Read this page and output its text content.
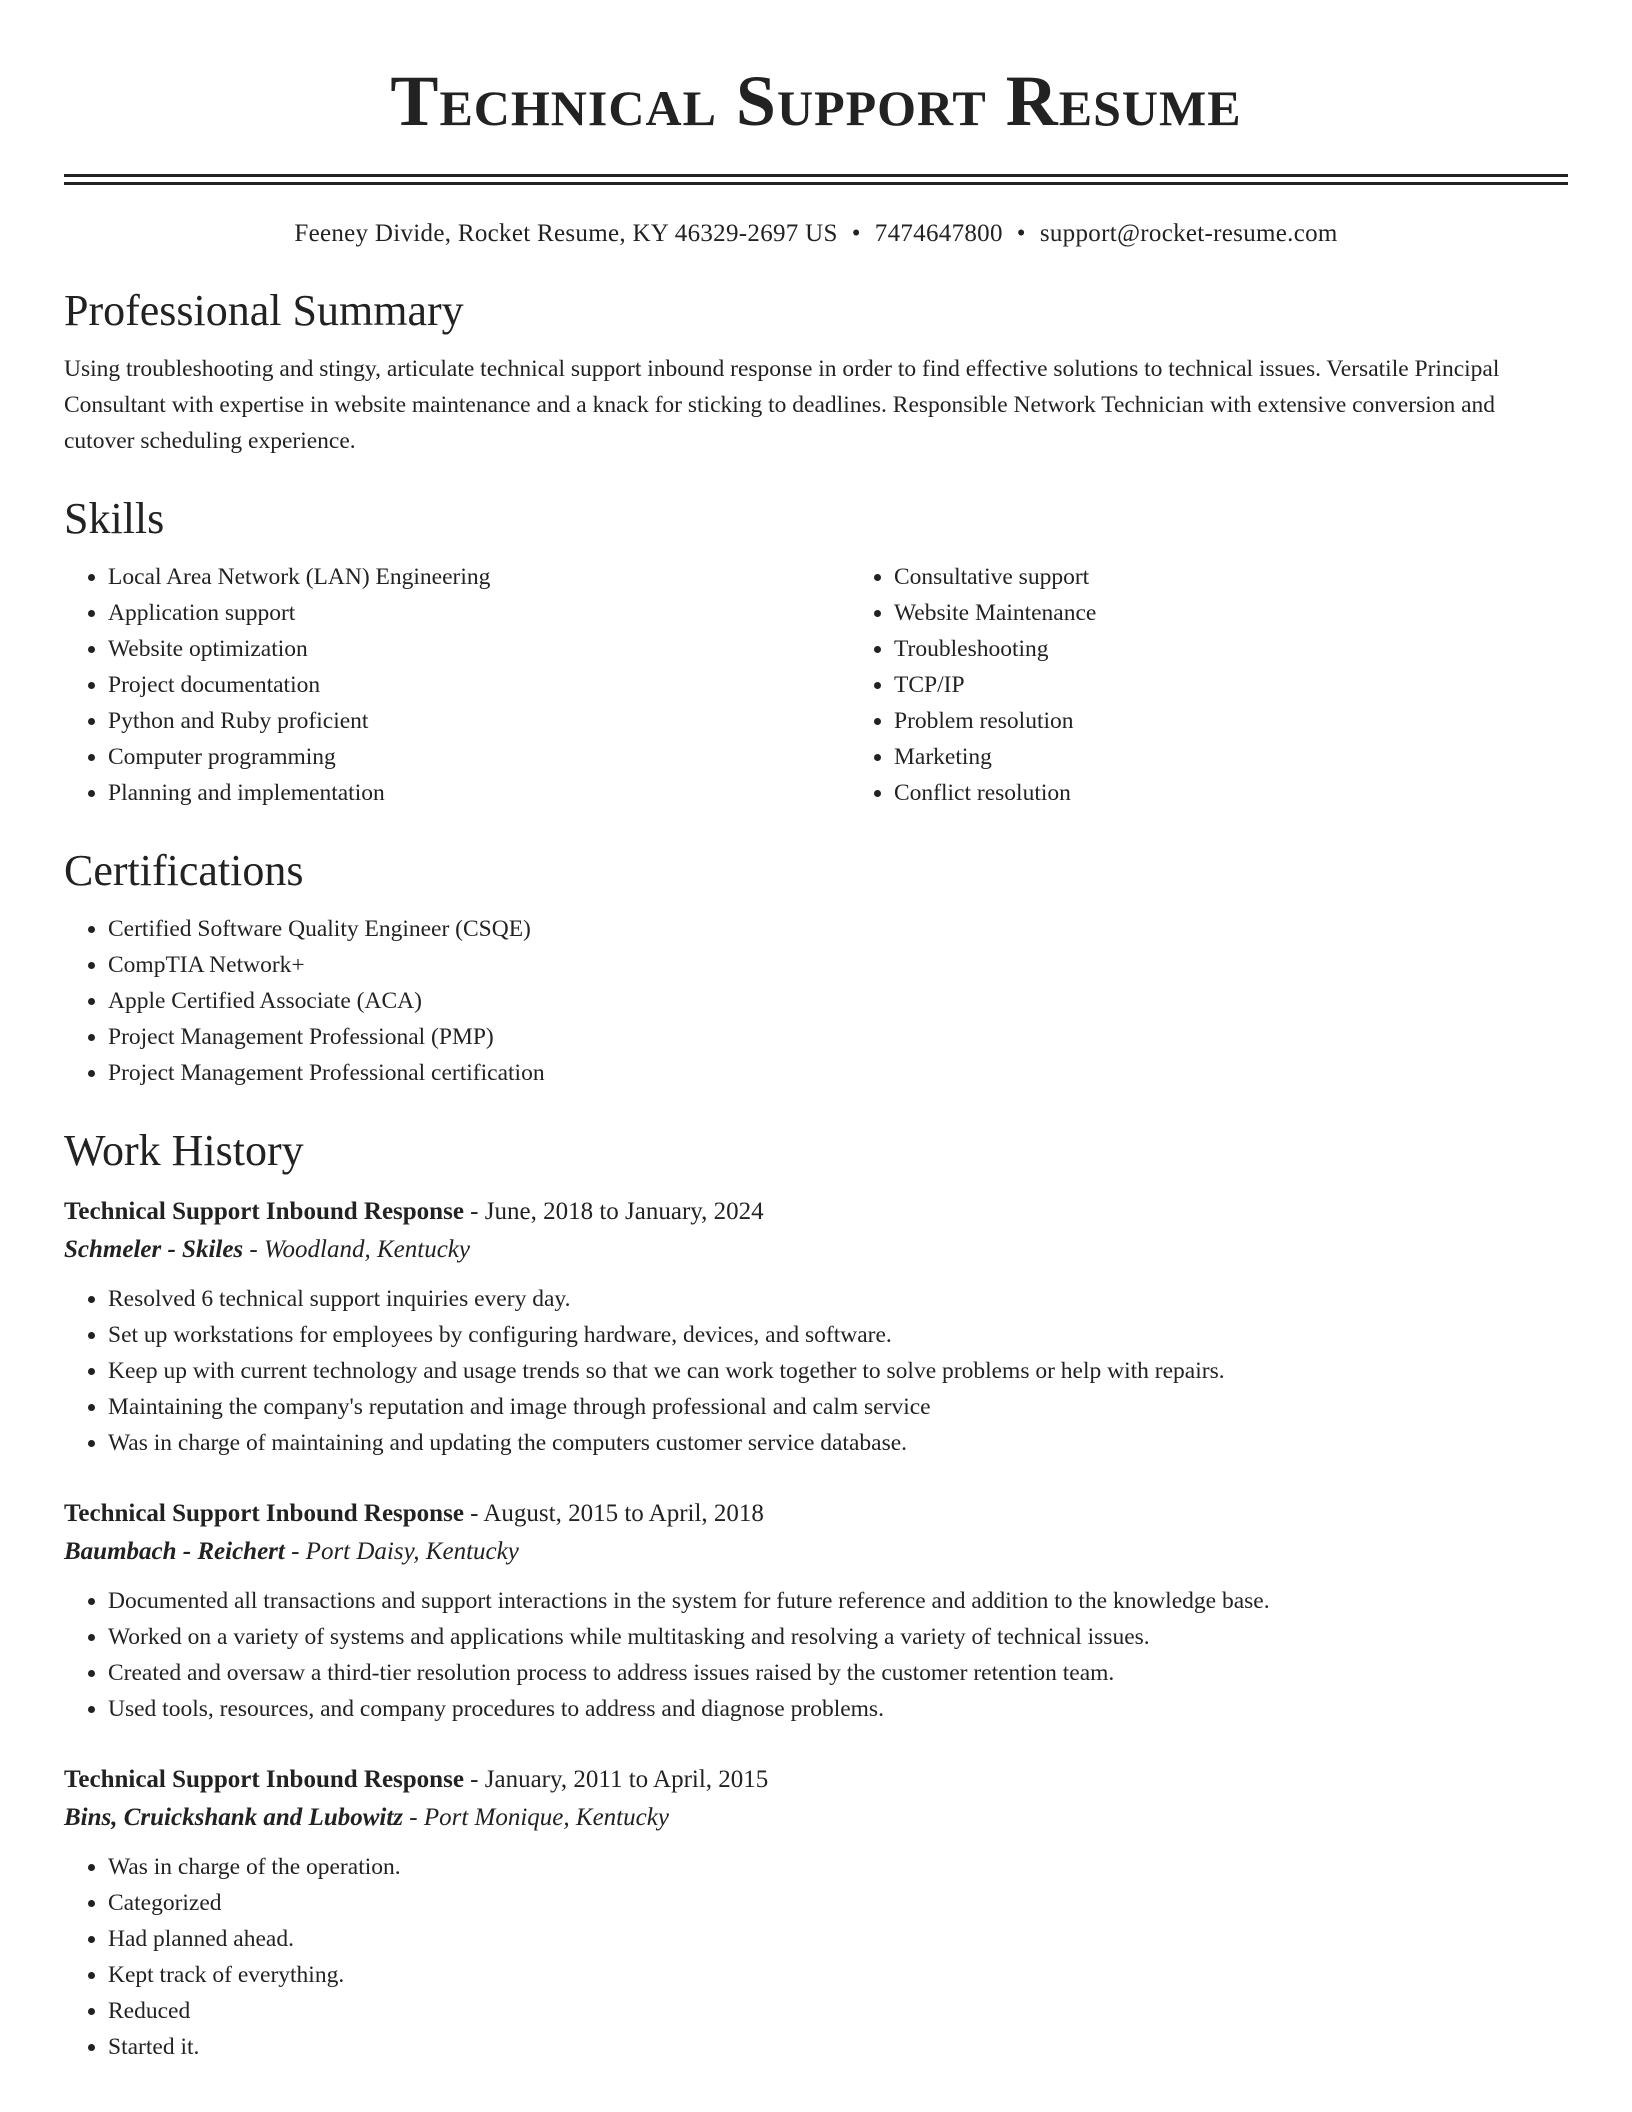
Technical Support Resume
Feeney Divide, Rocket Resume, KY 46329-2697 US • 7474647800 • support@rocket-resume.com
Professional Summary

Using troubleshooting and stingy, articulate technical support inbound response in order to find effective solutions to technical issues. Versatile Principal Consultant with expertise in website maintenance and a knack for sticking to deadlines. Responsible Network Technician with extensive conversion and cutover scheduling experience.

Skills
• Local Area Network (LAN) Engineering
• Application support
• Website optimization
• Project documentation
• Python and Ruby proficient
• Computer programming
• Planning and implementation
• Consultative support
• Website Maintenance
• Troubleshooting
• TCP/IP
• Problem resolution
• Marketing
• Conflict resolution
Certifications
• Certified Software Quality Engineer (CSQE)
• CompTIA Network+
• Apple Certified Associate (ACA)
• Project Management Professional (PMP)
• Project Management Professional certification
Work History
Technical Support Inbound Response - June, 2018 to January, 2024
Schmeler - Skiles - Woodland, Kentucky
• Resolved 6 technical support inquiries every day.
• Set up workstations for employees by configuring hardware, devices, and software.
• Keep up with current technology and usage trends so that we can work together to solve problems or help with repairs.
• Maintaining the company's reputation and image through professional and calm service
• Was in charge of maintaining and updating the computers customer service database.
Technical Support Inbound Response - August, 2015 to April, 2018
Baumbach - Reichert - Port Daisy, Kentucky
• Documented all transactions and support interactions in the system for future reference and addition to the knowledge base.
• Worked on a variety of systems and applications while multitasking and resolving a variety of technical issues.
• Created and oversaw a third-tier resolution process to address issues raised by the customer retention team.
• Used tools, resources, and company procedures to address and diagnose problems.
Technical Support Inbound Response - January, 2011 to April, 2015
Bins, Cruickshank and Lubowitz - Port Monique, Kentucky
• Was in charge of the operation.
• Categorized
• Had planned ahead.
• Kept track of everything.
• Reduced
• Started it.
